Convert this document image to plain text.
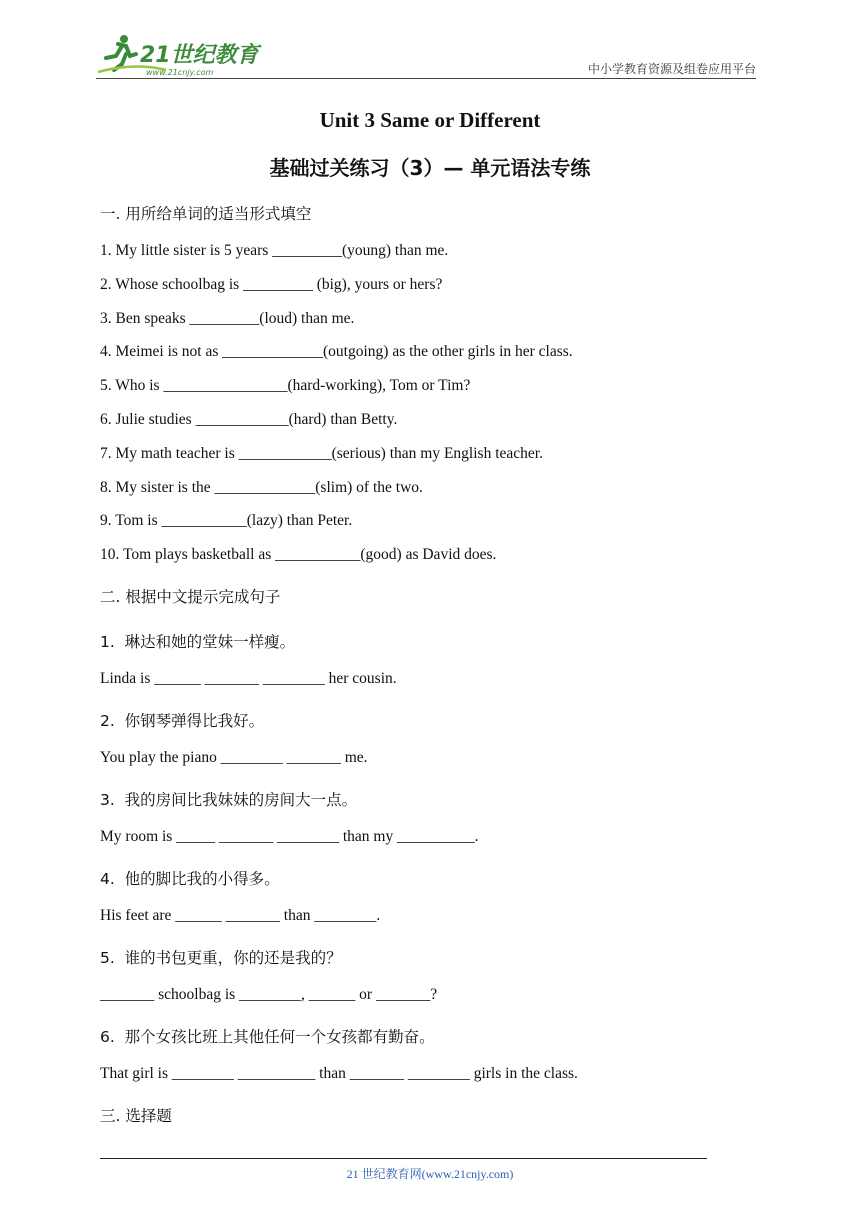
21世纪教育
www.21cnjy.com	中小学教育资源及组卷应用平台
Unit 3 Same or Different
基础过关练习（3）— 单元语法专练
一. 用所给单词的适当形式填空
1. My little sister is 5 years _________(young) than me.
2. Whose schoolbag is _________ (big), yours or hers?
3. Ben speaks _________(loud) than me.
4. Meimei is not as _____________(outgoing) as the other girls in her class.
5. Who is ________________(hard-working), Tom or Tim?
6. Julie studies ____________(hard) than Betty.
7. My math teacher is ____________(serious) than my English teacher.
8. My sister is the _____________(slim) of the two.
9. Tom is ___________(lazy) than Peter.
10. Tom plays basketball as ___________(good) as David does.
二. 根据中文提示完成句子
1.  琳达和她的堂妹一样瘦。
Linda is ______ _______ ________ her cousin.
2.  你钢琴弹得比我好。
You play the piano ________ _______ me.
3.  我的房间比我妹妹的房间大一点。
My room is _____ _______ ________ than my __________.
4.  他的脚比我的小得多。
His feet are ______ _______ than ________.
5.  谁的书包更重，你的还是我的？
_______ schoolbag is ________, ______ or _______?
6.  那个女孩比班上其他任何一个女孩都有勤奋。
That girl is ________ __________ than _______ ________ girls in the class.
三. 选择题
21 世纪教育网(www.21cnjy.com)
